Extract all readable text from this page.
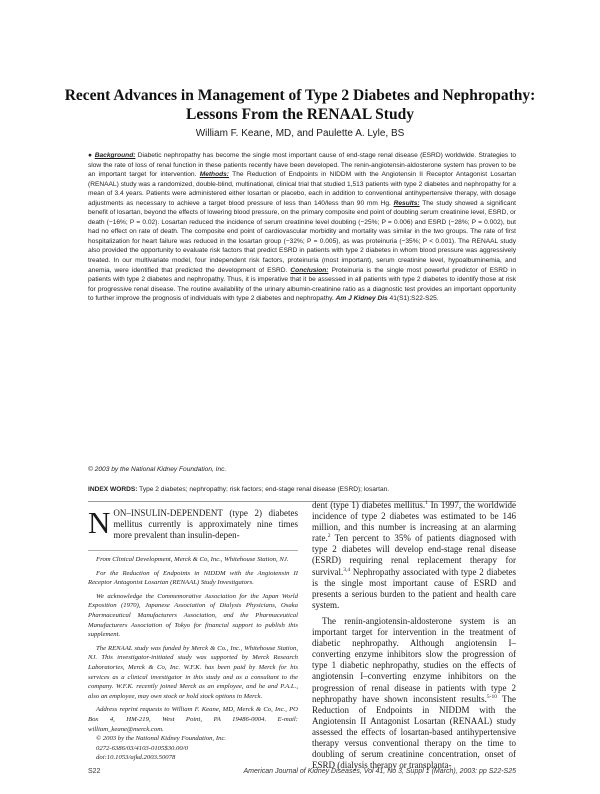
Recent Advances in Management of Type 2 Diabetes and Nephropathy: Lessons From the RENAAL Study
William F. Keane, MD, and Paulette A. Lyle, BS

● Background: Diabetic nephropathy has become the single most important cause of end-stage renal disease (ESRD) worldwide. Strategies to slow the rate of loss of renal function in these patients recently have been developed. The renin-angiotensin-aldosterone system has proven to be an important target for intervention. Methods: The Reduction of Endpoints in NIDDM with the Angiotensin II Receptor Antagonist Losartan (RENAAL) study was a randomized, double-blind, multinational, clinical trial that studied 1,513 patients with type 2 diabetes and nephropathy for a mean of 3.4 years. Patients were administered either losartan or placebo, each in addition to conventional antihypertensive therapy, with dosage adjustments as necessary to achieve a target blood pressure of less than 140/less than 90 mm Hg. Results: The study showed a significant benefit of losartan, beyond the effects of lowering blood pressure, on the primary composite end point of doubling serum creatinine level, ESRD, or death (−16%; P = 0.02). Losartan reduced the incidence of serum creatinine level doubling (−25%; P = 0.006) and ESRD (−28%; P = 0.002), but had no effect on rate of death. The composite end point of cardiovascular morbidity and mortality was similar in the two groups. The rate of first hospitalization for heart failure was reduced in the losartan group (−32%; P = 0.005), as was proteinuria (−35%; P < 0.001). The RENAAL study also provided the opportunity to evaluate risk factors that predict ESRD in patients with type 2 diabetes in whom blood pressure was aggressively treated. In our multivariate model, four independent risk factors, proteinuria (most important), serum creatinine level, hypoalbuminemia, and anemia, were identified that predicted the development of ESRD. Conclusion: Proteinuria is the single most powerful predictor of ESRD in patients with type 2 diabetes and nephropathy. Thus, it is imperative that it be assessed in all patients with type 2 diabetes to identify those at risk for progressive renal disease. The routine availability of the urinary albumin-creatinine ratio as a diagnostic test provides an important opportunity to further improve the prognosis of individuals with type 2 diabetes and nephropathy. Am J Kidney Dis 41(S1):S22-S25.

© 2003 by the National Kidney Foundation, Inc.
INDEX WORDS: Type 2 diabetes; nephropathy; risk factors; end-stage renal disease (ESRD); losartan.
NON–INSULIN-DEPENDENT (type 2) diabetes mellitus currently is approximately nine times more prevalent than insulin-depen-

From Clinical Development, Merck & Co, Inc., Whitehouse Station, NJ.

For the Reduction of Endpoints in NIDDM with the Angiotensin II Receptor Antagonist Losartan (RENAAL) Study Investigators.

We acknowledge the Commemorative Association for the Japan World Exposition (1970), Japanese Association of Dialysis Physicians, Osaka Pharmaceutical Manufacturers Association, and the Pharmaceutical Manufacturers Association of Tokyo for financial support to publish this supplement.

The RENAAL study was funded by Merck & Co., Inc., Whitehouse Station, NJ. This investigator-initiated study was supported by Merck Research Laboratories, Merck & Co, Inc. W.F.K. has been paid by Merck for his services as a clinical investigator in this study and as a consultant to the company. W.F.K. recently joined Merck as an employee, and he and P.A.L., also an employee, may own stock or hold stock options in Merck.

Address reprint requests to William F. Keane, MD, Merck & Co, Inc., PO Box 4, HM-219, West Point, PA 19486-0004. E-mail: william_keane@merck.com.

© 2003 by the National Kidney Foundation, Inc.

0272-6386/03/4103-0105$30.00/0

doi:10.1053/ajkd.2003.50078

dent (type 1) diabetes mellitus.$^1$ In 1997, the worldwide incidence of type 2 diabetes was estimated to be 146 million, and this number is increasing at an alarming rate.$^2$ Ten percent to 35% of patients diagnosed with type 2 diabetes will develop end-stage renal disease (ESRD) requiring renal replacement therapy for survival.$^{3,4}$ Nephropathy associated with type 2 diabetes is the single most important cause of ESRD and presents a serious burden to the patient and health care system.

The renin-angiotensin-aldosterone system is an important target for intervention in the treatment of diabetic nephropathy. Although angiotensin I–converting enzyme inhibitors slow the progression of type 1 diabetic nephropathy, studies on the effects of angiotensin I–converting enzyme inhibitors on the progression of renal disease in patients with type 2 nephropathy have shown inconsistent results.$^{5-10}$ The Reduction of Endpoints in NIDDM with the Angiotensin II Antagonist Losartan (RENAAL) study assessed the effects of losartan-based antihypertensive therapy versus conventional therapy on the time to doubling of serum creatinine concentration, onset of ESRD (dialysis therapy or transplanta-

S22	American Journal of Kidney Diseases, Vol 41, No 3, Suppl 1 (March), 2003: pp S22-S25
